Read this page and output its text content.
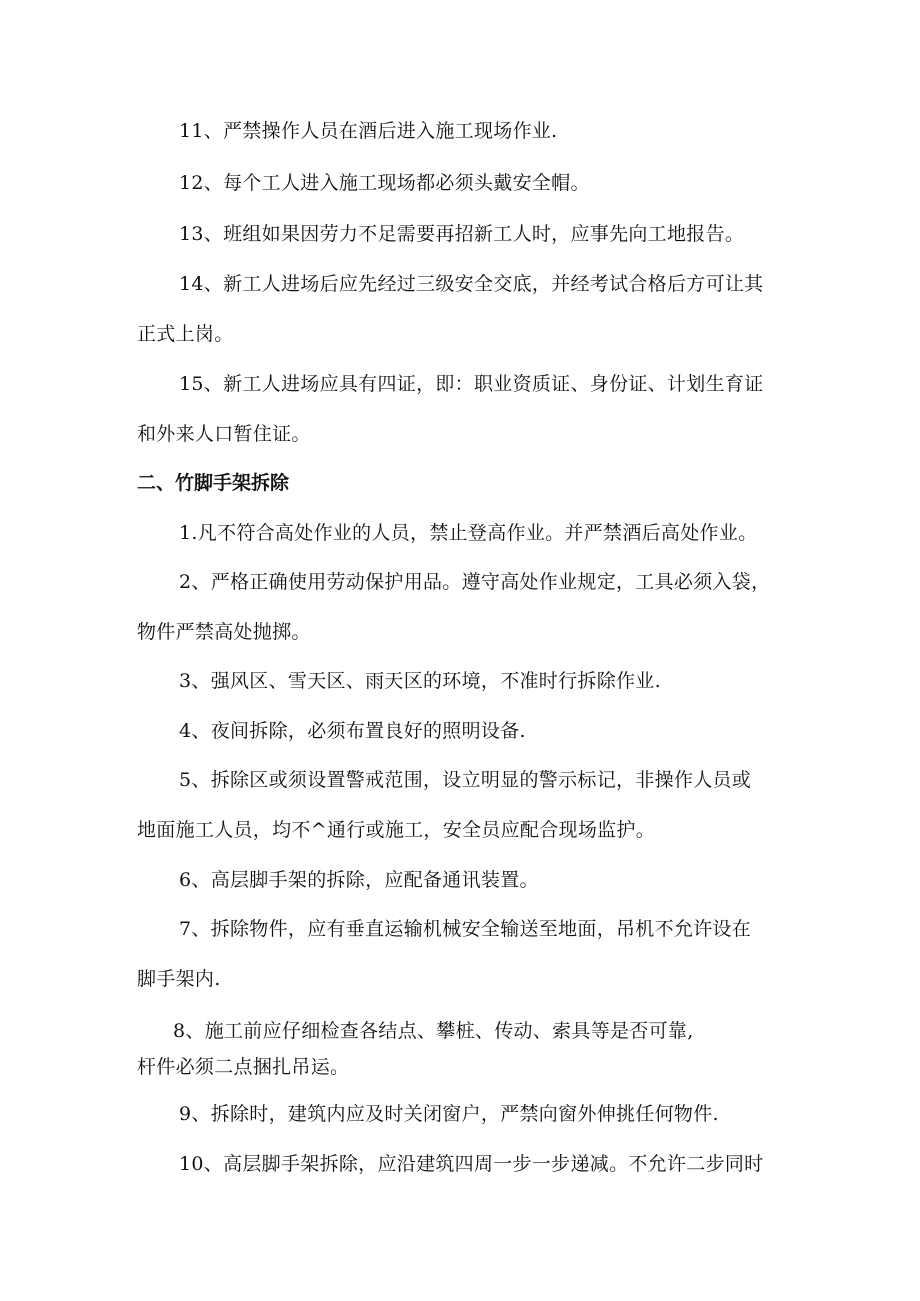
11、严禁操作人员在酒后进入施工现场作业.

12、每个工人进入施工现场都必须头戴安全帽。

13、班组如果因劳力不足需要再招新工人时，应事先向工地报告。

14、新工人进场后应先经过三级安全交底，并经考试合格后方可让其
正式上岗。

15、新工人进场应具有四证，即：职业资质证、身份证、计划生育证
和外来人口暂住证。

二、竹脚手架拆除

1.凡不符合高处作业的人员，禁止登高作业。并严禁酒后高处作业。

2、严格正确使用劳动保护用品。遵守高处作业规定，工具必须入袋，
物件严禁高处抛掷。

3、强风区、雪天区、雨天区的环境，不准时行拆除作业.

4、夜间拆除，必须布置良好的照明设备.

5、拆除区或须设置警戒范围，设立明显的警示标记，非操作人员或
地面施工人员，均不^通行或施工，安全员应配合现场监护。

6、高层脚手架的拆除，应配备通讯装置。

7、拆除物件，应有垂直运输机械安全输送至地面，吊机不允许设在
脚手架内.

8、施工前应仔细检查各结点、攀桩、传动、索具等是否可靠,
杆件必须二点捆扎吊运。

9、拆除时，建筑内应及时关闭窗户，严禁向窗外伸挑任何物件.

10、高层脚手架拆除，应沿建筑四周一步一步递减。不允许二步同时
